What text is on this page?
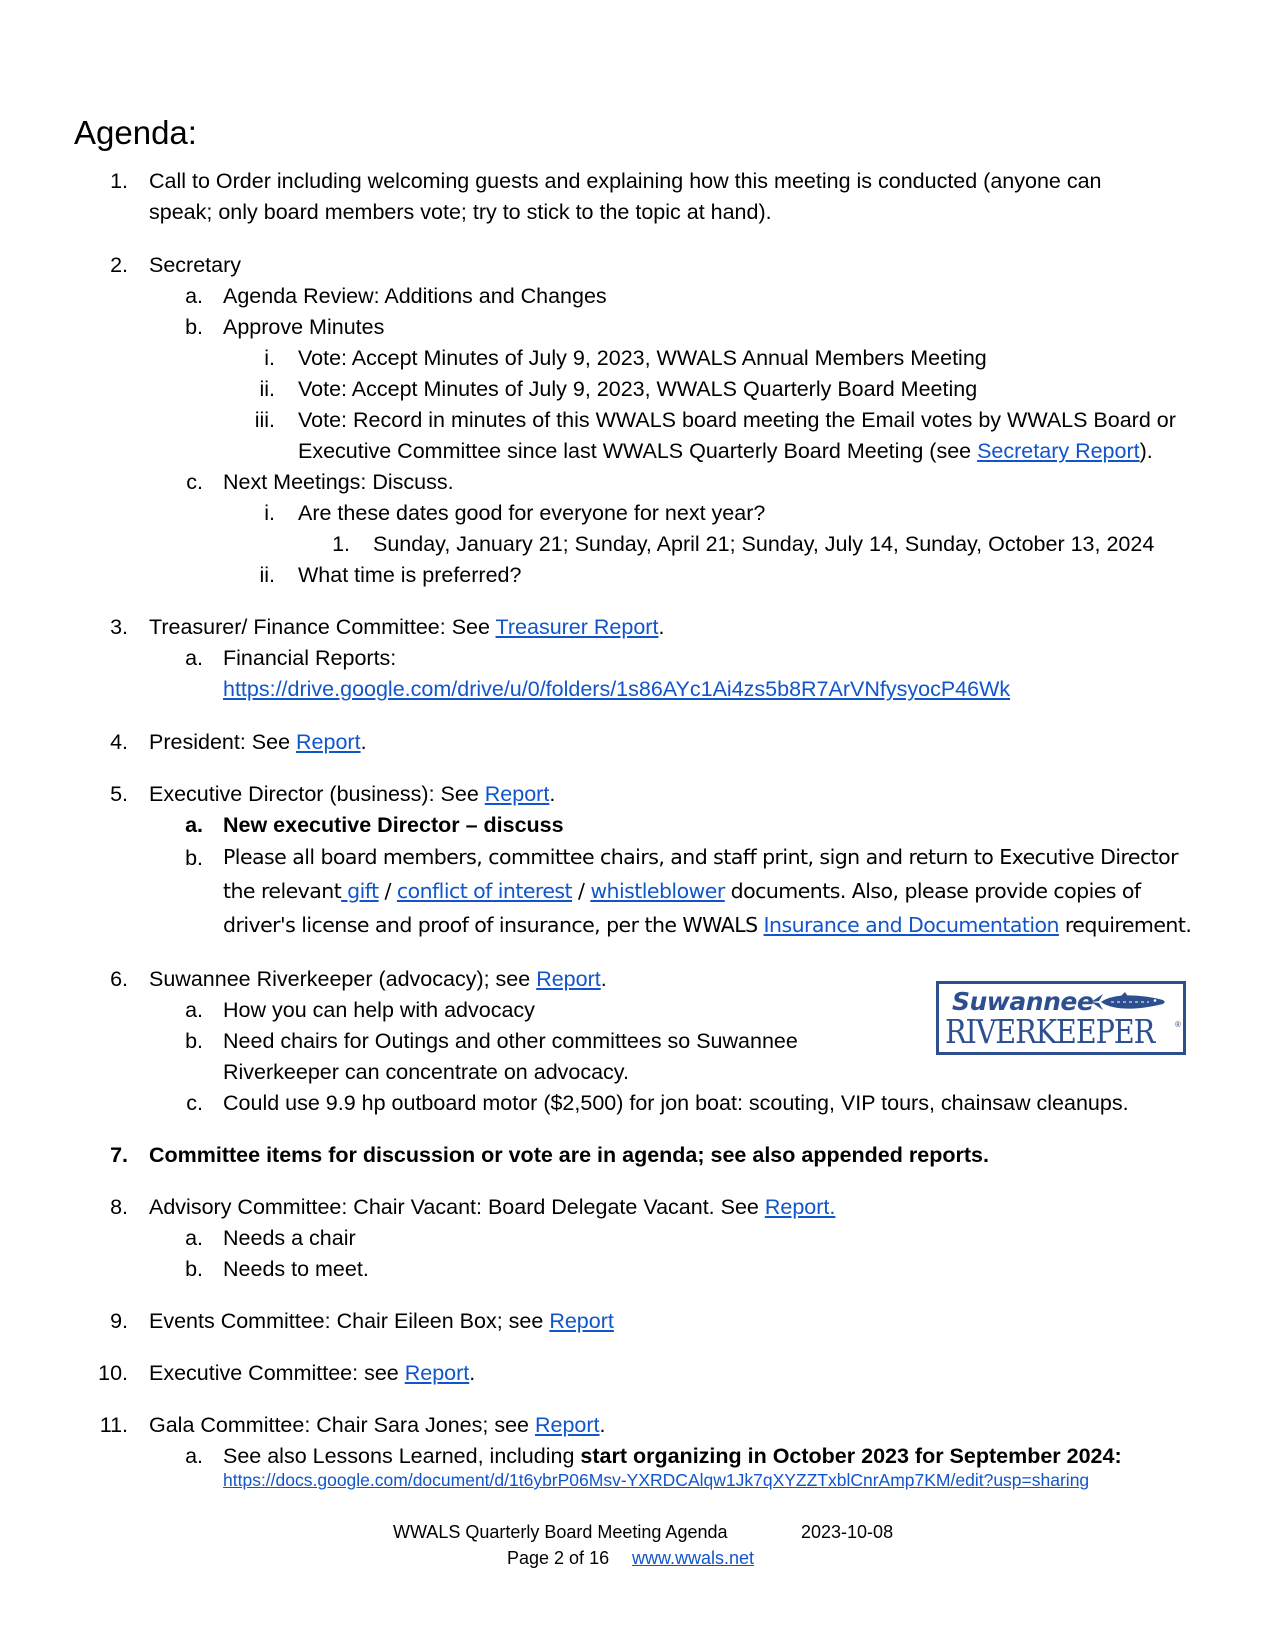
Agenda:
1. Call to Order including welcoming guests and explaining how this meeting is conducted (anyone can
speak; only board members vote; try to stick to the topic at hand).
2. Secretary
a. Agenda Review: Additions and Changes
b. Approve Minutes
i. Vote: Accept Minutes of July 9, 2023, WWALS Annual Members Meeting
ii. Vote: Accept Minutes of July 9, 2023, WWALS Quarterly Board Meeting
iii. Vote: Record in minutes of this WWALS board meeting the Email votes by WWALS Board or
Executive Committee since last WWALS Quarterly Board Meeting (see Secretary Report).
c. Next Meetings: Discuss.
i. Are these dates good for everyone for next year?
1. Sunday, January 21; Sunday, April 21; Sunday, July 14, Sunday, October 13, 2024
ii. What time is preferred?
3. Treasurer/ Finance Committee: See Treasurer Report.
a. Financial Reports:
https://drive.google.com/drive/u/0/folders/1s86AYc1Ai4zs5b8R7ArVNfysyocP46Wk
4. President: See Report.
5. Executive Director (business): See Report.
a. New executive Director – discuss
b. Please all board members, committee chairs, and staff print, sign and return to Executive Director
the relevant gift / conflict of interest / whistleblower documents. Also, please provide copies of
driver's license and proof of insurance, per the WWALS Insurance and Documentation requirement.
6. Suwannee Riverkeeper (advocacy); see Report.
a. How you can help with advocacy
b. Need chairs for Outings and other committees so Suwannee
Riverkeeper can concentrate on advocacy.
c. Could use 9.9 hp outboard motor ($2,500) for jon boat: scouting, VIP tours, chainsaw cleanups.
Suwannee
RIVERKEEPER	®
7. Committee items for discussion or vote are in agenda; see also appended reports.
8. Advisory Committee: Chair Vacant: Board Delegate Vacant. See Report.
a. Needs a chair
b. Needs to meet.
9. Events Committee: Chair Eileen Box; see Report
10. Executive Committee: see Report.
11. Gala Committee: Chair Sara Jones; see Report.
a. See also Lessons Learned, including start organizing in October 2023 for September 2024:
https://docs.google.com/document/d/1t6ybrP06Msv-YXRDCAlqw1Jk7qXYZZTxblCnrAmp7KM/edit?usp=sharing
WWALS Quarterly Board Meeting Agenda	2023-10-08
Page 2 of 16 www.wwals.net
